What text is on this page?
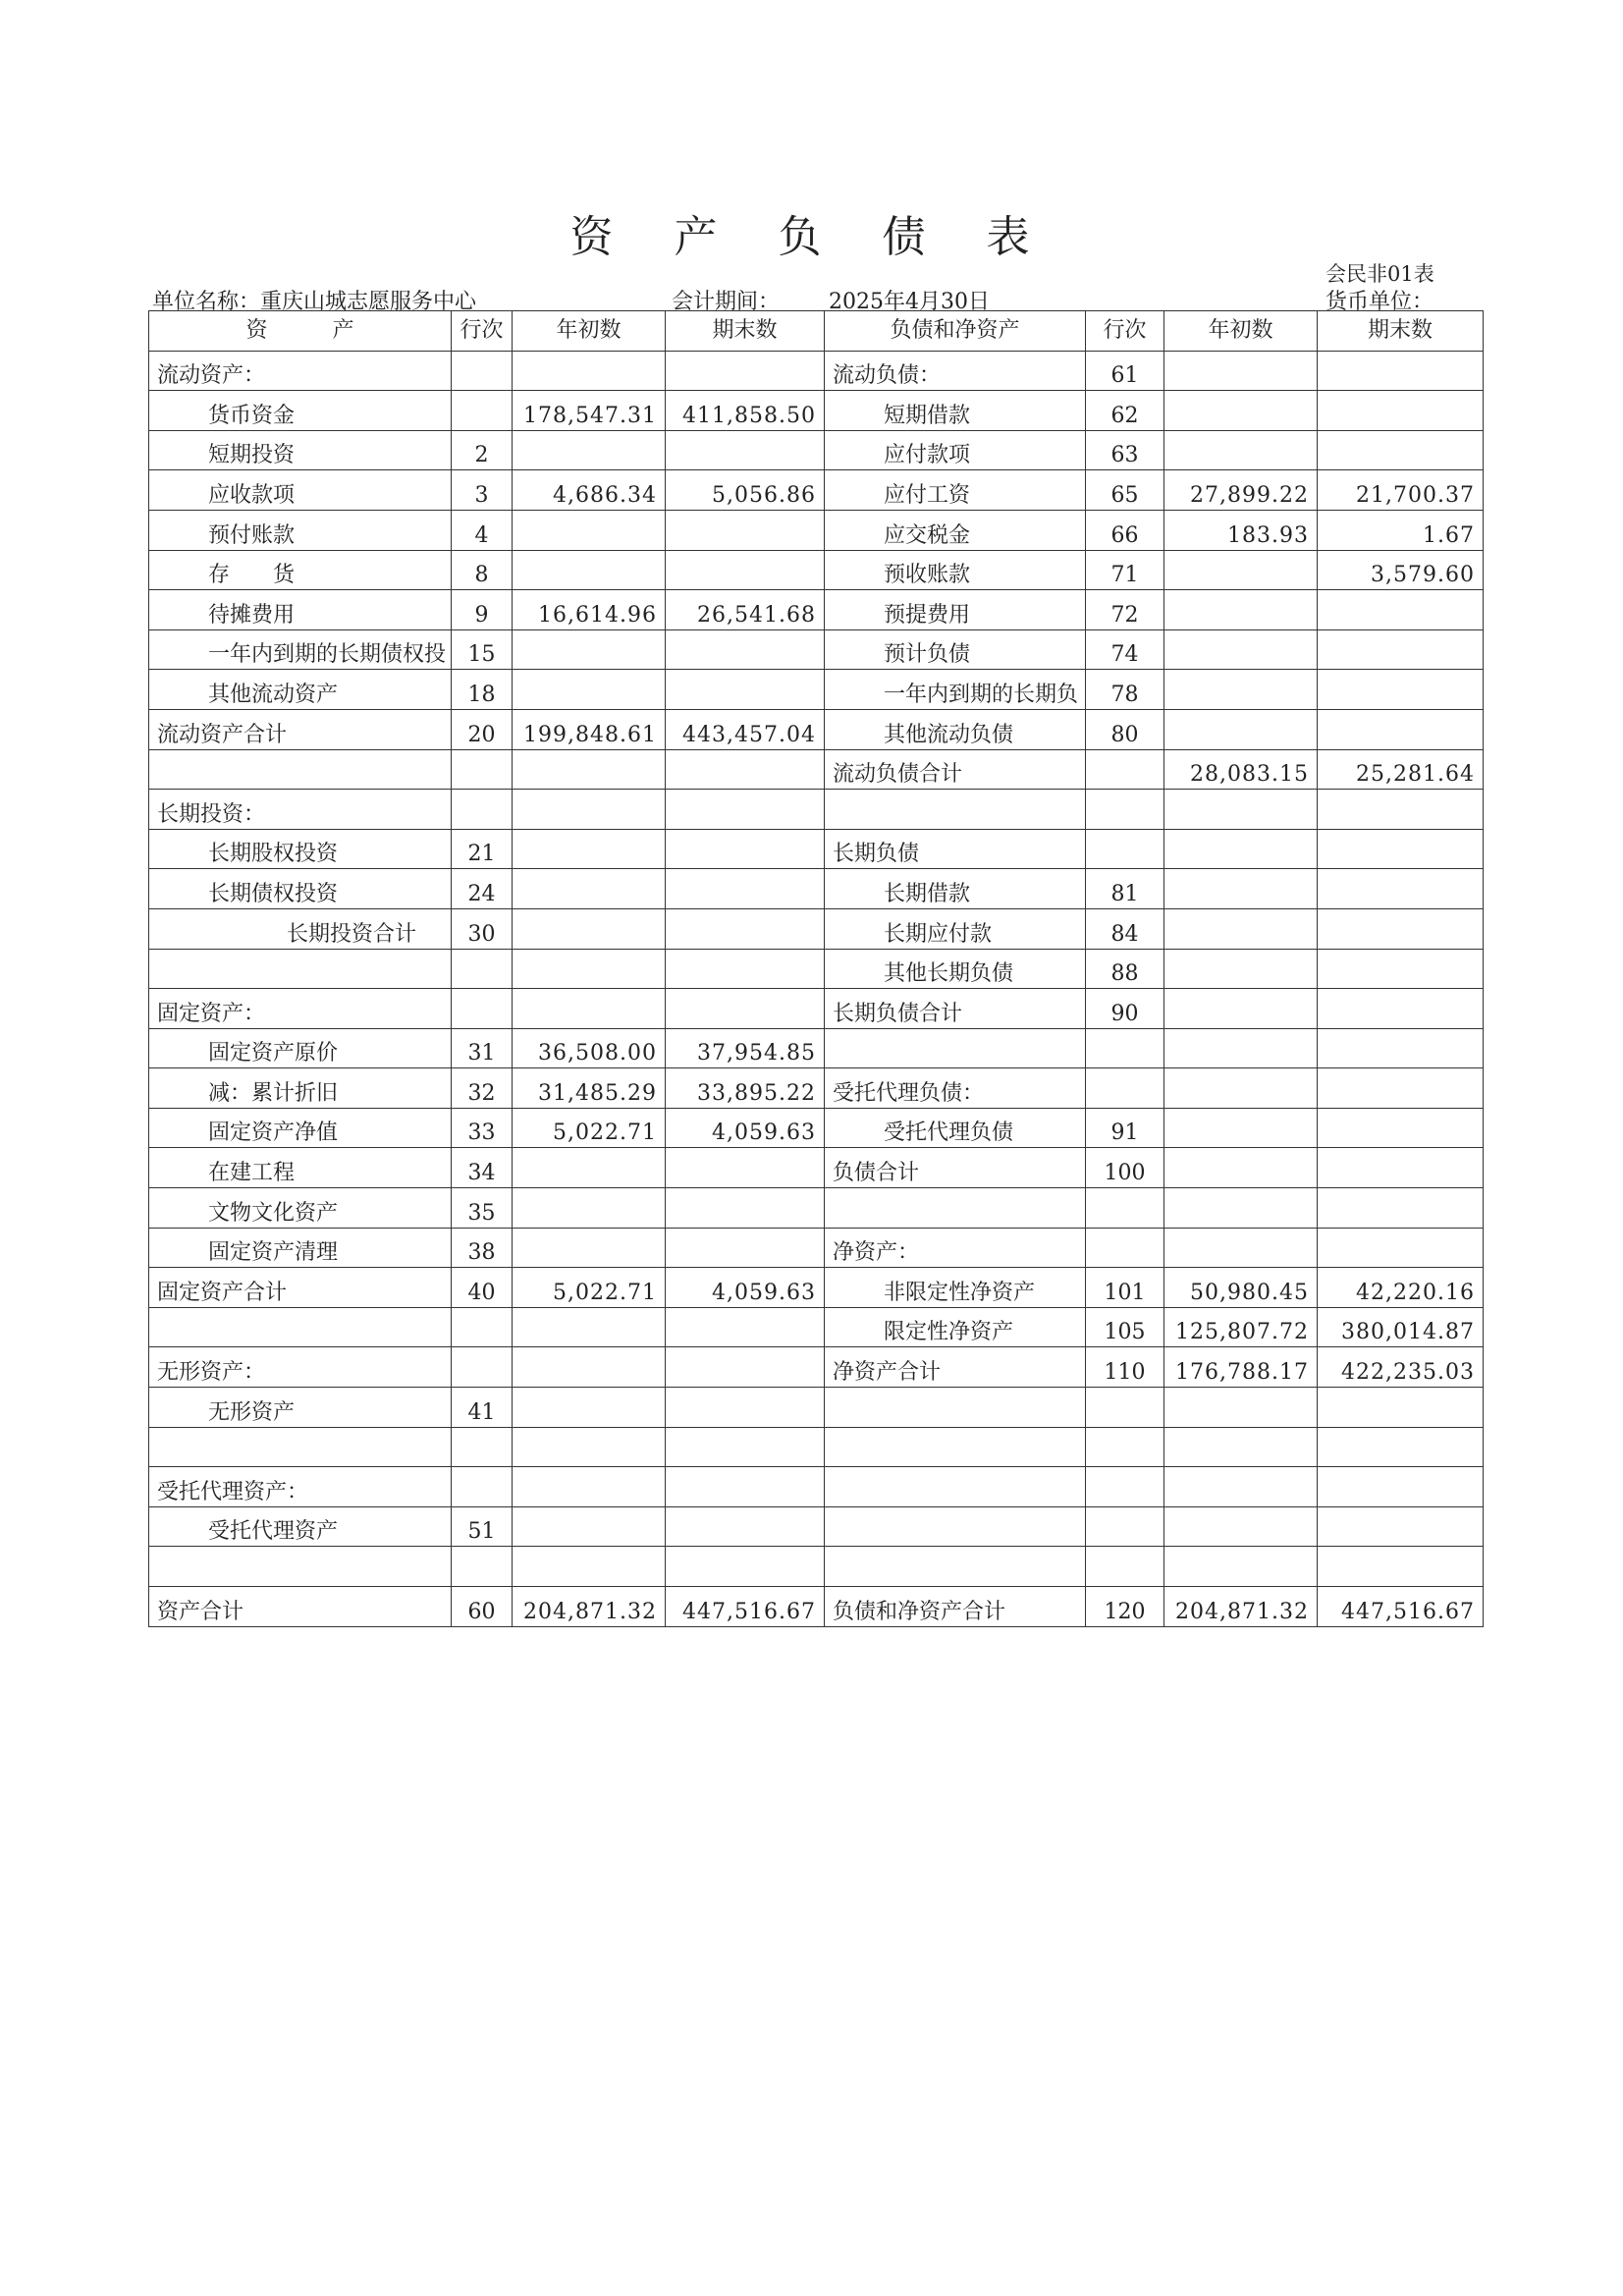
资 产 负 债 表
会民非01表
单位名称：重庆山城志愿服务中心	会计期间： 2025年4月30日	货币单位：
资　　　产	行次	年初数	期末数	负债和净资产	行次	年初数	期末数
流动资产：				流动负债：	61		
货币资金		178,547.31	411,858.50	短期借款	62		
短期投资	2			应付款项	63		
应收款项	3	4,686.34	5,056.86	应付工资	65	27,899.22	21,700.37
预付账款	4			应交税金	66	183.93	1.67
存　　货	8			预收账款	71		3,579.60
待摊费用	9	16,614.96	26,541.68	预提费用	72		
一年内到期的长期债权投	15			预计负债	74		
其他流动资产	18			一年内到期的长期负	78		
流动资产合计	20	199,848.61	443,457.04	其他流动负债	80		
				流动负债合计		28,083.15	25,281.64
长期投资：							
长期股权投资	21			长期负债			
长期债权投资	24			长期借款	81		
长期投资合计	30			长期应付款	84		
				其他长期负债	88		
固定资产：				长期负债合计	90		
固定资产原价	31	36,508.00	37,954.85				
减：累计折旧	32	31,485.29	33,895.22	受托代理负债：			
固定资产净值	33	5,022.71	4,059.63	受托代理负债	91		
在建工程	34			负债合计	100		
文物文化资产	35						
固定资产清理	38			净资产：			
固定资产合计	40	5,022.71	4,059.63	非限定性净资产	101	50,980.45	42,220.16
				限定性净资产	105	125,807.72	380,014.87
无形资产：				净资产合计	110	176,788.17	422,235.03
无形资产	41						

受托代理资产：							
受托代理资产	51						

资产合计	60	204,871.32	447,516.67	负债和净资产合计	120	204,871.32	447,516.67
